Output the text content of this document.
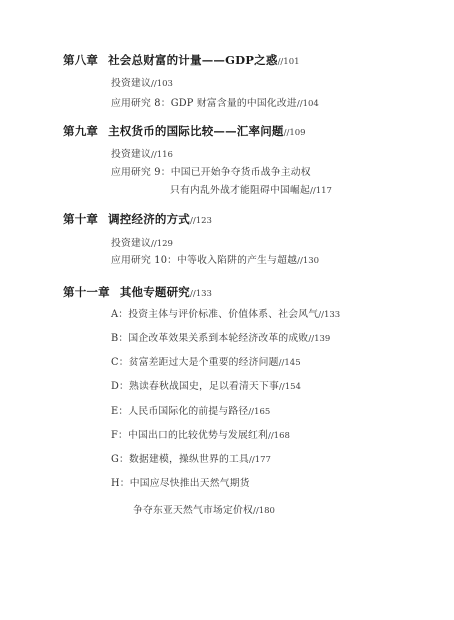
第八章 社会总财富的计量——GDP之惑//101
投资建议//103
应用研究 8：GDP 财富含量的中国化改进//104
第九章 主权货币的国际比较——汇率问题//109
投资建议//116
应用研究 9：中国已开始争夺货币战争主动权
只有内乱外战才能阻碍中国崛起//117
第十章 调控经济的方式//123
投资建议//129
应用研究 10：中等收入陷阱的产生与超越//130
第十一章 其他专题研究//133
A：投资主体与评价标准、价值体系、社会风气//133
B：国企改革效果关系到本轮经济改革的成败//139
C：贫富差距过大是个重要的经济问题//145
D：熟读春秋战国史，足以看清天下事//154
E：人民币国际化的前提与路径//165
F：中国出口的比较优势与发展红利//168
G：数据建模，操纵世界的工具//177
H：中国应尽快推出天然气期货
争夺东亚天然气市场定价权//180
